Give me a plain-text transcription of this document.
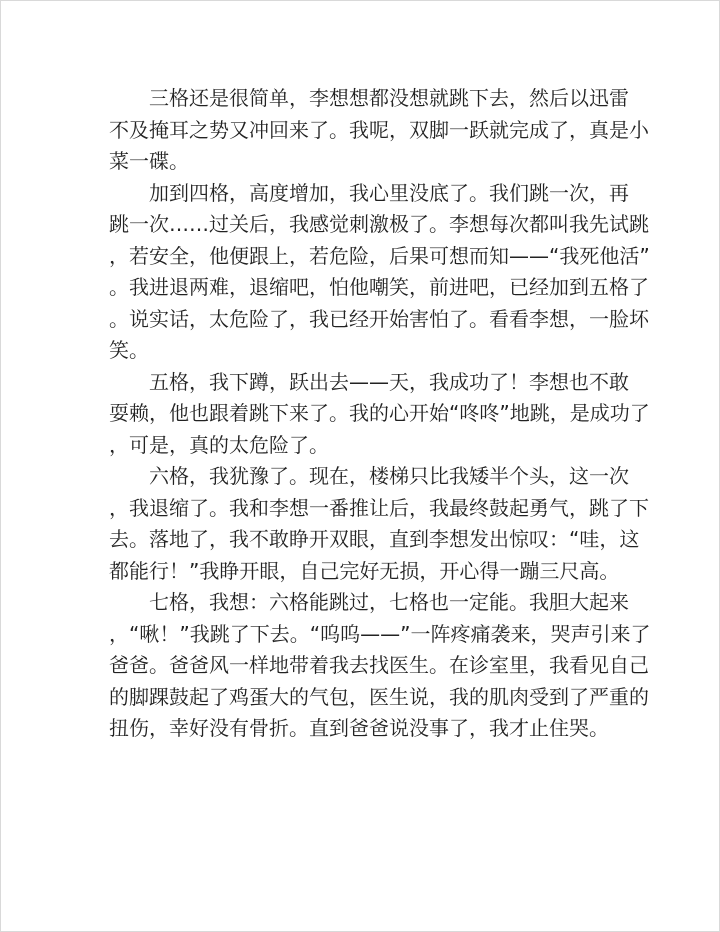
三格还是很简单，李想想都没想就跳下去，然后以迅雷
不及掩耳之势又冲回来了。我呢，双脚一跃就完成了，真是小
菜一碟。
加到四格，高度增加，我心里没底了。我们跳一次，再
跳一次……过关后，我感觉刺激极了。李想每次都叫我先试跳
，若安全，他便跟上，若危险，后果可想而知——“我死他活”
。我进退两难，退缩吧，怕他嘲笑，前进吧，已经加到五格了
。说实话，太危险了，我已经开始害怕了。看看李想，一脸坏
笑。
五格，我下蹲，跃出去——天，我成功了！李想也不敢
耍赖，他也跟着跳下来了。我的心开始“咚咚”地跳，是成功了
，可是，真的太危险了。
六格，我犹豫了。现在，楼梯只比我矮半个头，这一次
，我退缩了。我和李想一番推让后，我最终鼓起勇气，跳了下
去。落地了，我不敢睁开双眼，直到李想发出惊叹：“哇，这
都能行！”我睁开眼，自己完好无损，开心得一蹦三尺高。
七格，我想：六格能跳过，七格也一定能。我胆大起来
，“啾！”我跳了下去。“呜呜——”一阵疼痛袭来，哭声引来了
爸爸。爸爸风一样地带着我去找医生。在诊室里，我看见自己
的脚踝鼓起了鸡蛋大的气包，医生说，我的肌肉受到了严重的
扭伤，幸好没有骨折。直到爸爸说没事了，我才止住哭。
